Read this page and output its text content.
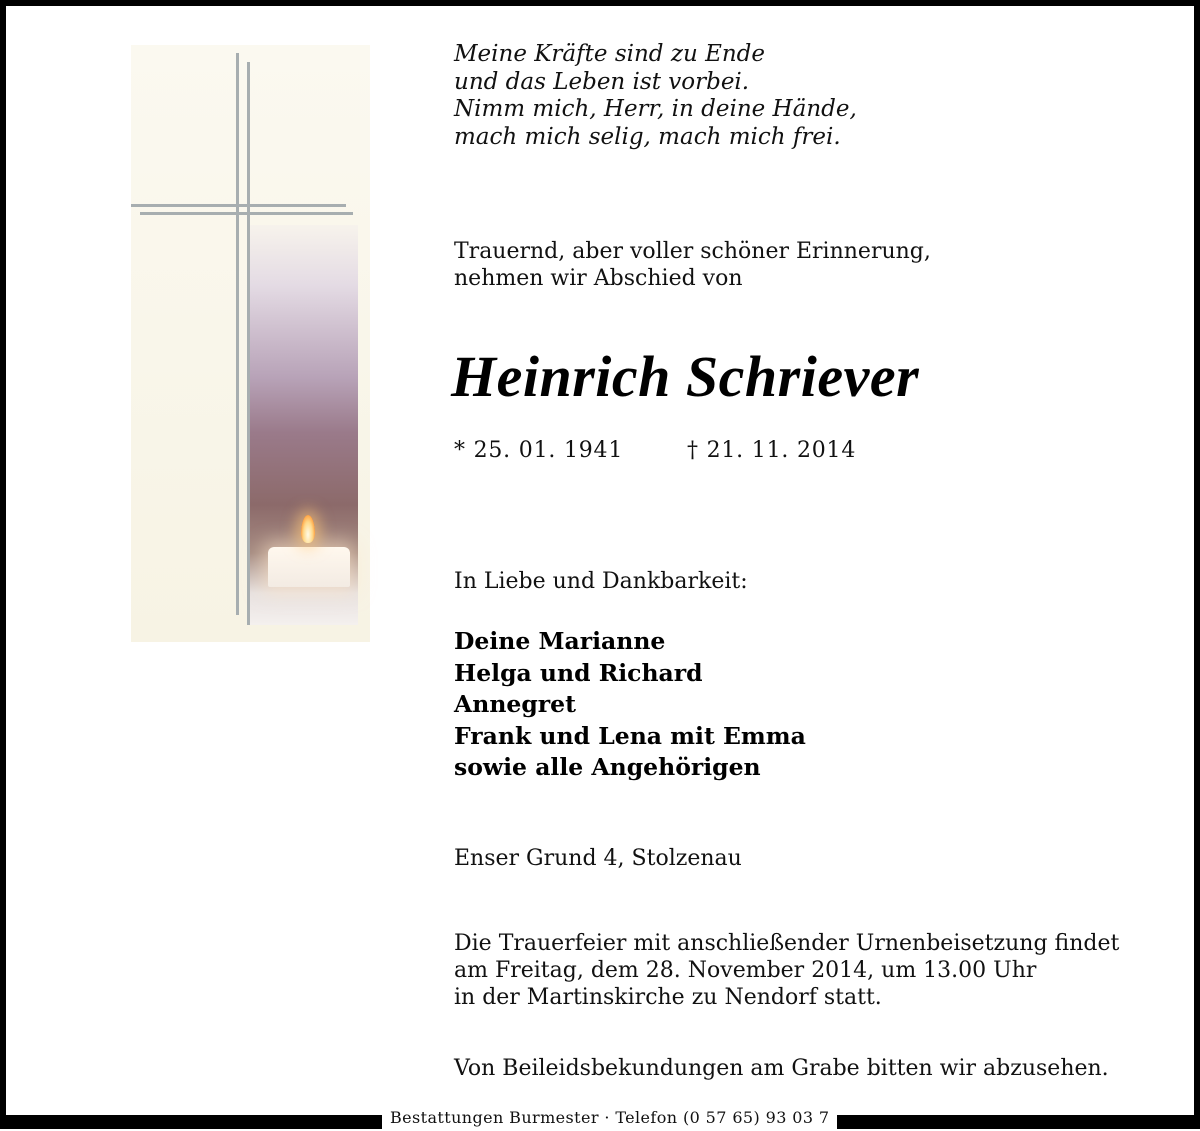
Meine Kräfte sind zu Ende
und das Leben ist vorbei.
Nimm mich, Herr, in deine Hände,
mach mich selig, mach mich frei.
Trauernd, aber voller schöner Erinnerung,
nehmen wir Abschied von
Heinrich Schriever
* 25. 01. 1941	† 21. 11. 2014
In Liebe und Dankbarkeit:
Deine Marianne
Helga und Richard
Annegret
Frank und Lena mit Emma
sowie alle Angehörigen
Enser Grund 4, Stolzenau
Die Trauerfeier mit anschließender Urnenbeisetzung findet
am Freitag, dem 28. November 2014, um 13.00 Uhr
in der Martinskirche zu Nendorf statt.
Von Beileidsbekundungen am Grabe bitten wir abzusehen.
Bestattungen Burmester · Telefon (0 57 65) 93 03 7
